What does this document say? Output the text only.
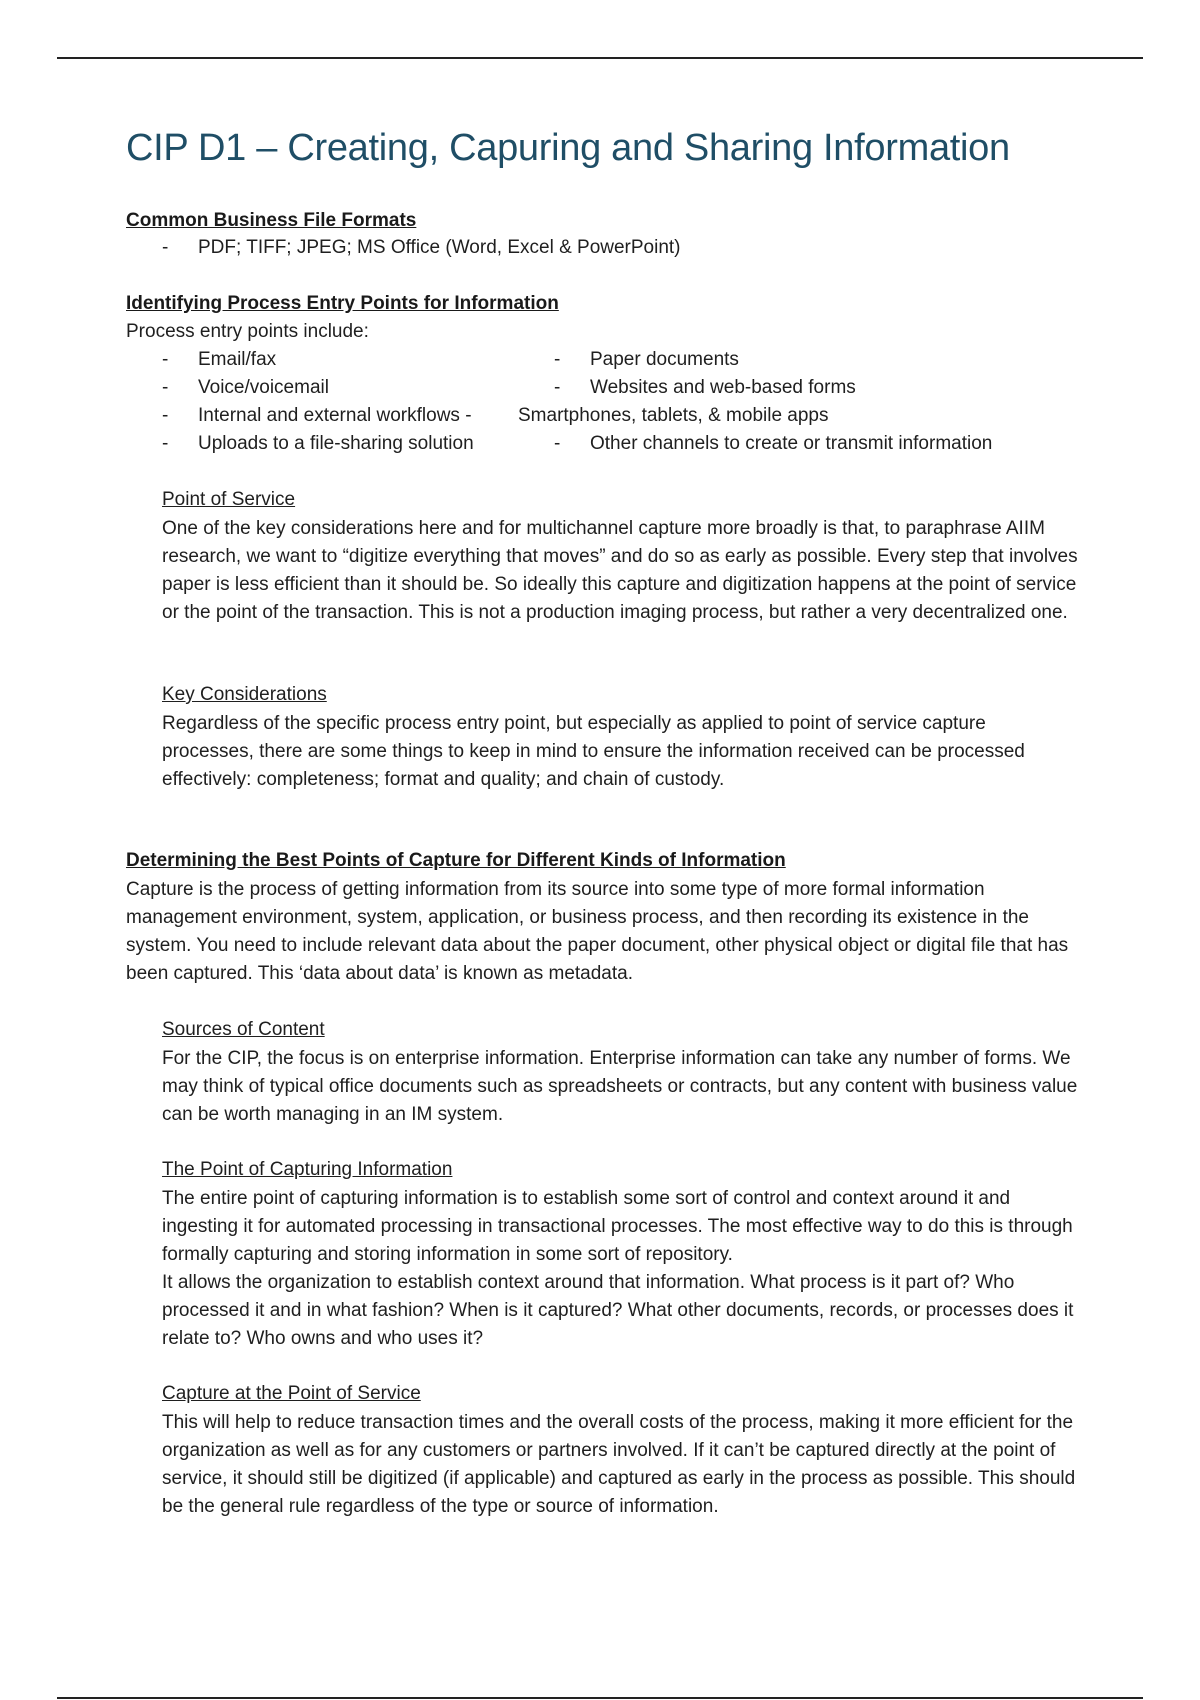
CIP D1 – Creating, Capuring and Sharing Information
Common Business File Formats
- PDF; TIFF; JPEG; MS Office (Word, Excel & PowerPoint)
Identifying Process Entry Points for Information
Process entry points include:
- Email/fax
- Voice/voicemail
- Internal and external workflows -
- Uploads to a file-sharing solution
- Paper documents
- Websites and web-based forms
Smartphones, tablets, & mobile apps
- Other channels to create or transmit information
Point of Service
One of the key considerations here and for multichannel capture more broadly is that, to paraphrase AIIM research, we want to “digitize everything that moves” and do so as early as possible. Every step that involves paper is less efficient than it should be. So ideally this capture and digitization happens at the point of service or the point of the transaction. This is not a production imaging process, but rather a very decentralized one.
Key Considerations
Regardless of the specific process entry point, but especially as applied to point of service capture processes, there are some things to keep in mind to ensure the information received can be processed effectively: completeness; format and quality; and chain of custody.
Determining the Best Points of Capture for Different Kinds of Information
Capture is the process of getting information from its source into some type of more formal information management environment, system, application, or business process, and then recording its existence in the system. You need to include relevant data about the paper document, other physical object or digital file that has been captured. This ‘data about data’ is known as metadata.
Sources of Content
For the CIP, the focus is on enterprise information. Enterprise information can take any number of forms. We may think of typical office documents such as spreadsheets or contracts, but any content with business value can be worth managing in an IM system.
The Point of Capturing Information
The entire point of capturing information is to establish some sort of control and context around it and ingesting it for automated processing in transactional processes. The most effective way to do this is through formally capturing and storing information in some sort of repository.
It allows the organization to establish context around that information. What process is it part of? Who processed it and in what fashion? When is it captured? What other documents, records, or processes does it relate to? Who owns and who uses it?
Capture at the Point of Service
This will help to reduce transaction times and the overall costs of the process, making it more efficient for the organization as well as for any customers or partners involved. If it can’t be captured directly at the point of service, it should still be digitized (if applicable) and captured as early in the process as possible. This should be the general rule regardless of the type or source of information.
